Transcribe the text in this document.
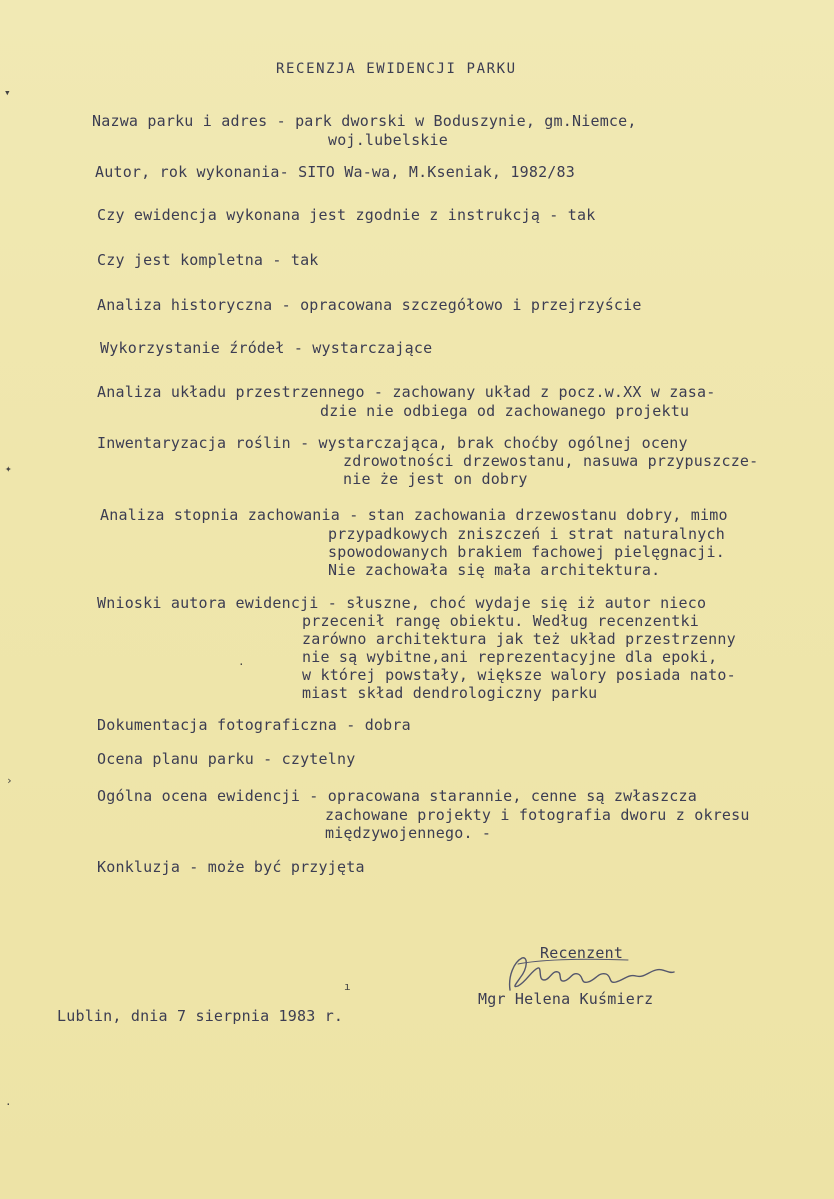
RECENZJA EWIDENCJI PARKU
Nazwa parku i adres - park dworski w Boduszynie, gm.Niemce,
woj.lubelskie
Autor, rok wykonania- SITO Wa-wa, M.Kseniak, 1982/83
Czy ewidencja wykonana jest zgodnie z instrukcją - tak
Czy jest kompletna - tak
Analiza historyczna - opracowana szczegółowo i przejrzyście
Wykorzystanie źródeł - wystarczające
Analiza układu przestrzennego - zachowany układ z pocz.w.XX w zasa-
dzie nie odbiega od zachowanego projektu
Inwentaryzacja roślin - wystarczająca, brak choćby ogólnej oceny
zdrowotności drzewostanu, nasuwa przypuszcze-
nie że jest on dobry
Analiza stopnia zachowania - stan zachowania drzewostanu dobry, mimo
przypadkowych zniszczeń i strat naturalnych
spowodowanych brakiem fachowej pielęgnacji.
Nie zachowała się mała architektura.
Wnioski autora ewidencji - słuszne, choć wydaje się iż autor nieco
przecenił rangę obiektu. Według recenzentki
zarówno architektura jak też układ przestrzenny
nie są wybitne,ani reprezentacyjne dla epoki,
w której powstały, większe walory posiada nato-
miast skład dendrologiczny parku
Dokumentacja fotograficzna - dobra
Ocena planu parku - czytelny
Ogólna ocena ewidencji - opracowana starannie, cenne są zwłaszcza
zachowane projekty i fotografia dworu z okresu
międzywojennego. -
Konkluzja - może być przyjęta
Recenzent
Mgr Helena Kuśmierz
Lublin, dnia 7 sierpnia 1983 r.
▾
✦
›
·
·
ı
